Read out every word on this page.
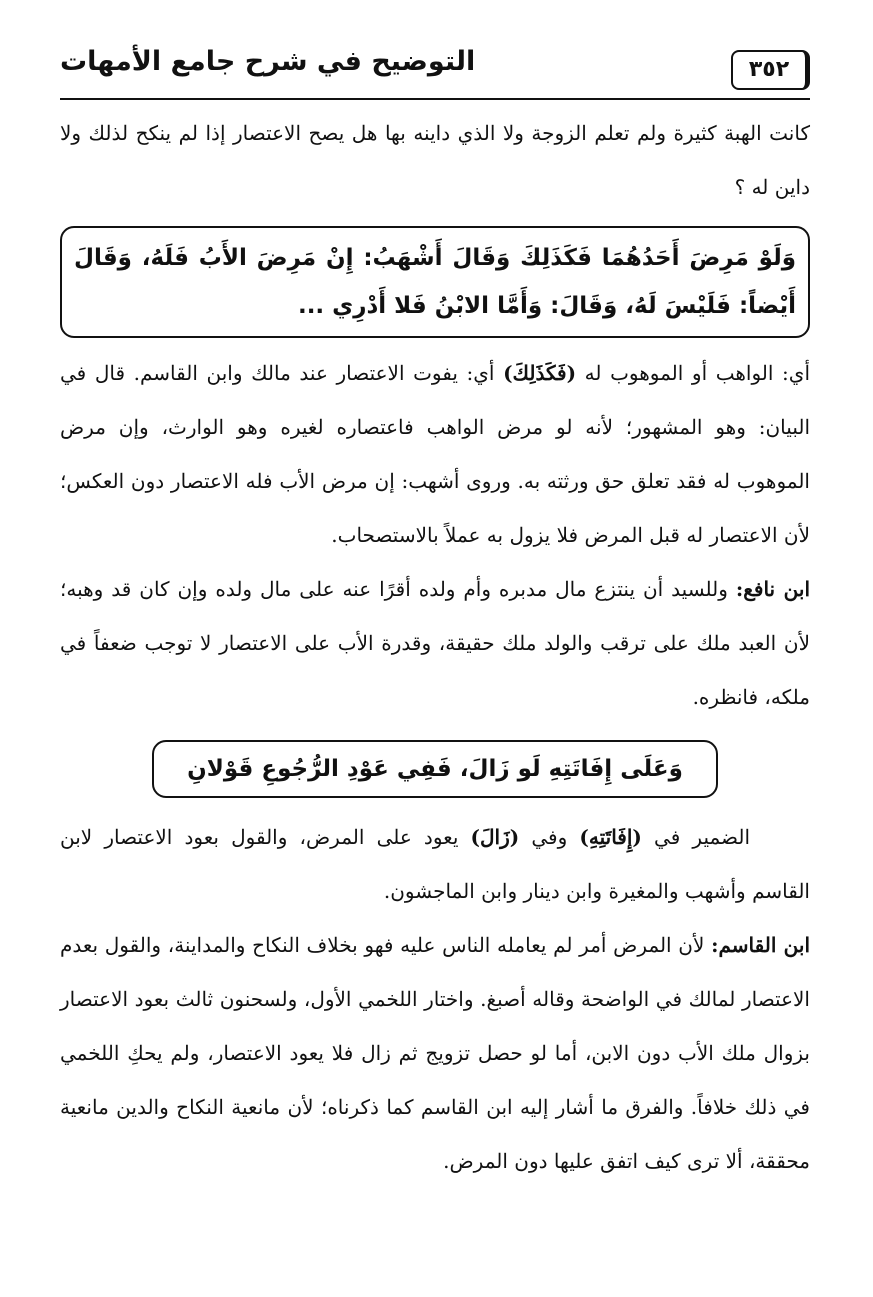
٣٥٢
التوضيح في شرح جامع الأمهات

كانت الهبة كثيرة ولم تعلم الزوجة ولا الذي داينه بها هل يصح الاعتصار إذا لم ينكح لذلك ولا داين له ؟

وَلَوْ مَرِضَ أَحَدُهُمَا فَكَذَلِكَ وَقَالَ أَشْهَبُ: إِنْ مَرِضَ الأَبُ فَلَهُ، وَقَالَ أَيْضاً: فَلَيْسَ لَهُ، وَقَالَ: وَأَمَّا الابْنُ فَلا أَدْرِي ...

أي: الواهب أو الموهوب له (فَكَذَلِكَ) أي: يفوت الاعتصار عند مالك وابن القاسم. قال في البيان: وهو المشهور؛ لأنه لو مرض الواهب فاعتصاره لغيره وهو الوارث، وإن مرض الموهوب له فقد تعلق حق ورثته به. وروى أشهب: إن مرض الأب فله الاعتصار دون العكس؛ لأن الاعتصار له قبل المرض فلا يزول به عملاً بالاستصحاب.

ابن نافع: وللسيد أن ينتزع مال مدبره وأم ولده أقرًا عنه على مال ولده وإن كان قد وهبه؛ لأن العبد ملك على ترقب والولد ملك حقيقة، وقدرة الأب على الاعتصار لا توجب ضعفاً في ملكه، فانظره.

وَعَلَى إِفَاتَتِهِ لَو زَالَ، فَفِي عَوْدِ الرُّجُوعِ قَوْلانِ

الضمير في (إِفَاتَتِهِ) وفي (زَالَ) يعود على المرض، والقول بعود الاعتصار لابن القاسم وأشهب والمغيرة وابن دينار وابن الماجشون.

ابن القاسم: لأن المرض أمر لم يعامله الناس عليه فهو بخلاف النكاح والمداينة، والقول بعدم الاعتصار لمالك في الواضحة وقاله أصبغ. واختار اللخمي الأول، ولسحنون ثالث بعود الاعتصار بزوال ملك الأب دون الابن، أما لو حصل تزويج ثم زال فلا يعود الاعتصار، ولم يحكِ اللخمي في ذلك خلافاً. والفرق ما أشار إليه ابن القاسم كما ذكرناه؛ لأن مانعية النكاح والدين مانعية محققة، ألا ترى كيف اتفق عليها دون المرض.
